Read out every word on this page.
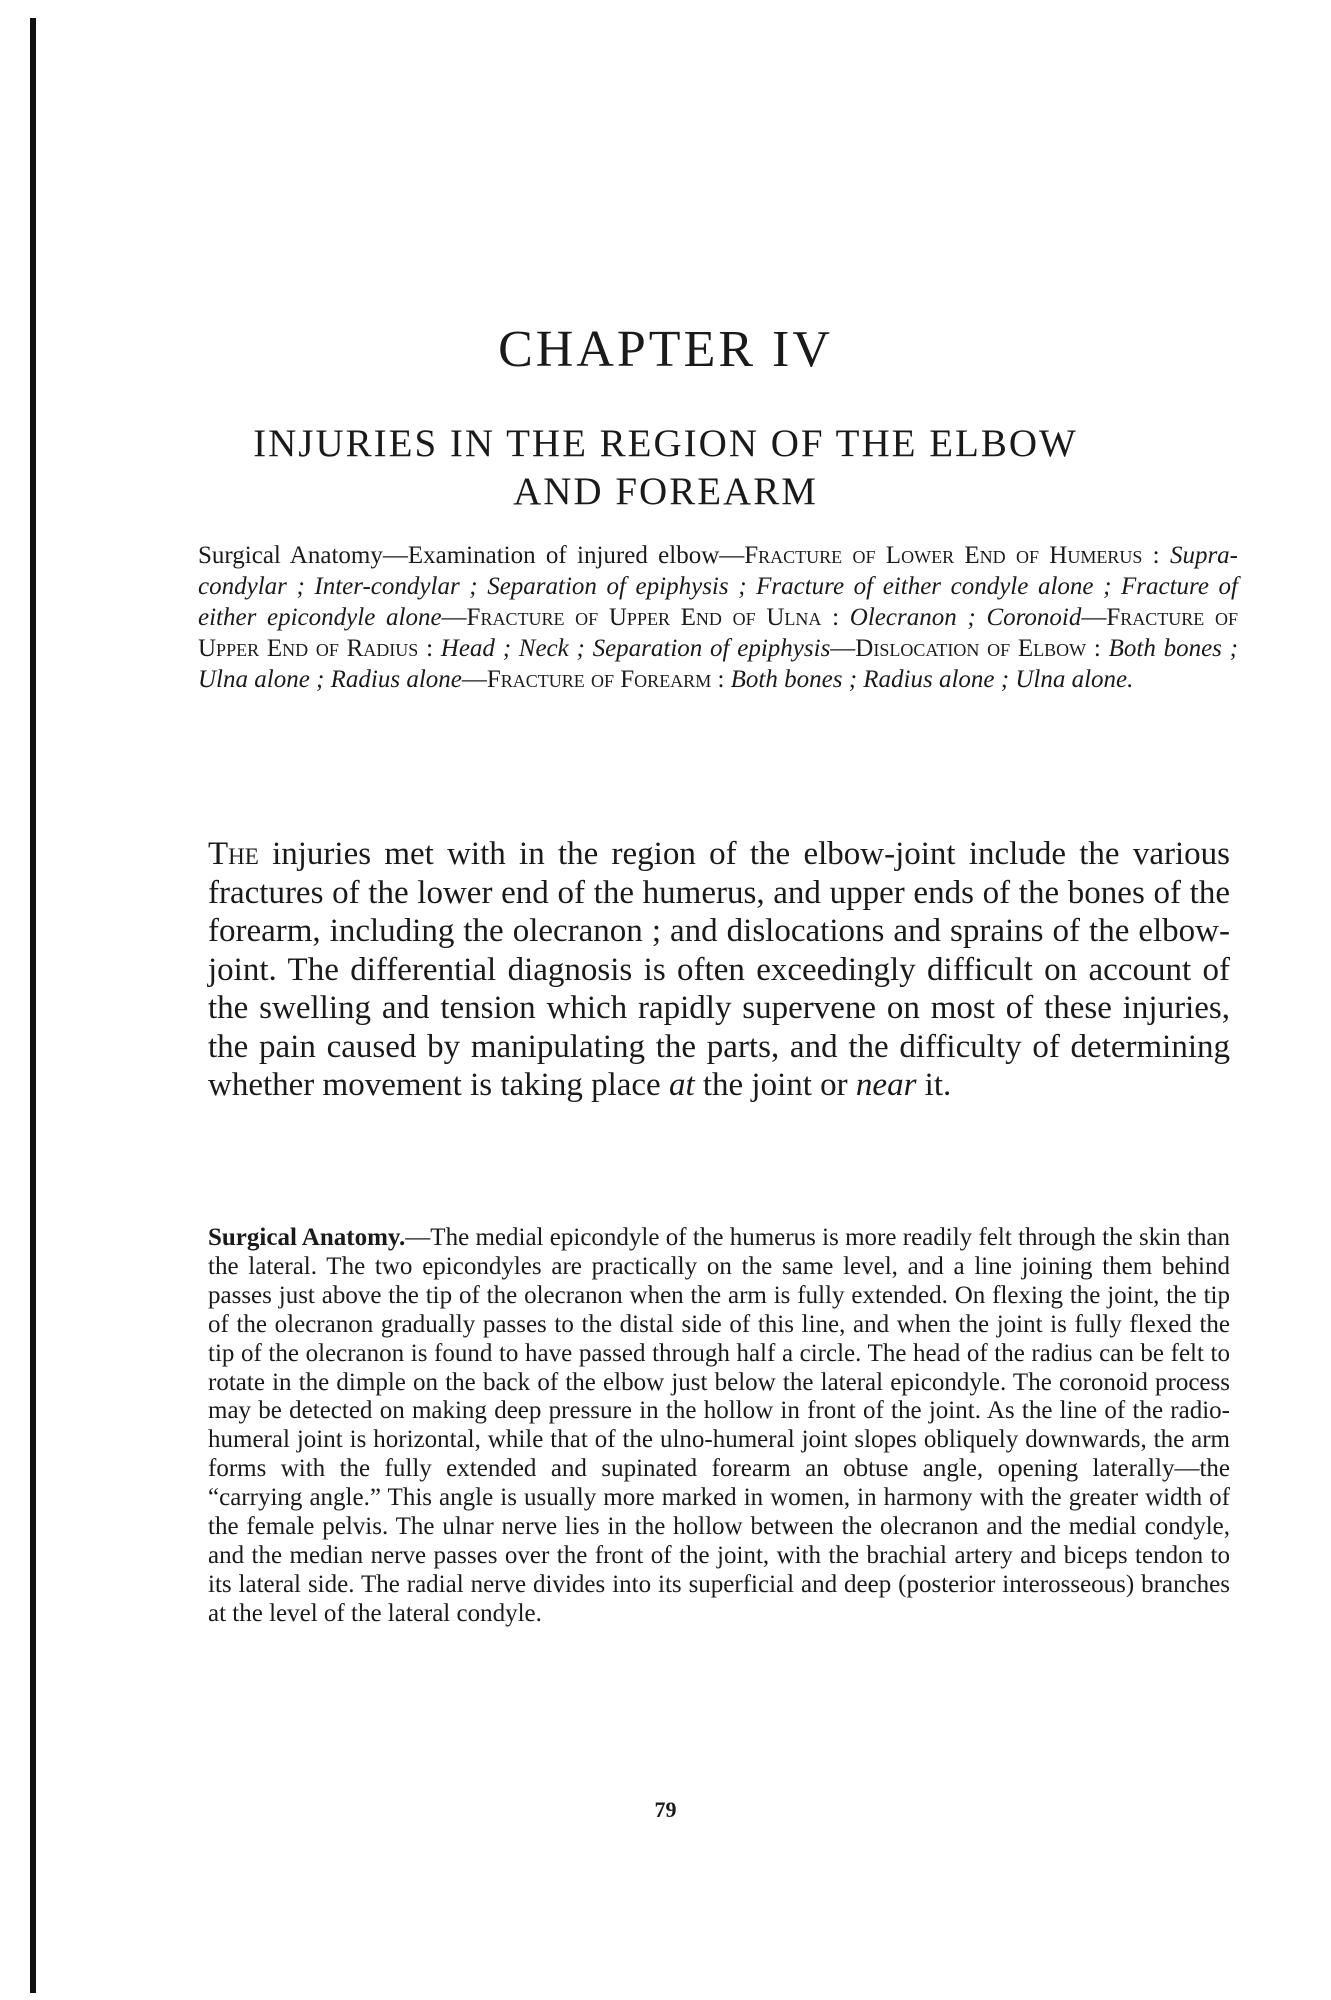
CHAPTER IV
INJURIES IN THE REGION OF THE ELBOW
AND FOREARM
Surgical Anatomy—Examination of injured elbow—Fracture of Lower End of Humerus : Supra-condylar ; Inter-condylar ; Separation of epiphysis ; Fracture of either condyle alone ; Fracture of either epicondyle alone—Fracture of Upper End of Ulna : Olecranon ; Coronoid—Fracture of Upper End of Radius : Head ; Neck ; Separation of epiphysis—Dislocation of Elbow : Both bones ; Ulna alone ; Radius alone—Fracture of Forearm : Both bones ; Radius alone ; Ulna alone.

The injuries met with in the region of the elbow-joint include the various fractures of the lower end of the humerus, and upper ends of the bones of the forearm, including the olecranon ; and dislocations and sprains of the elbow-joint. The differential diagnosis is often exceedingly difficult on account of the swelling and tension which rapidly supervene on most of these injuries, the pain caused by manipulating the parts, and the difficulty of determining whether movement is taking place at the joint or near it.

Surgical Anatomy.—The medial epicondyle of the humerus is more readily felt through the skin than the lateral. The two epicondyles are practically on the same level, and a line joining them behind passes just above the tip of the olecranon when the arm is fully extended. On flexing the joint, the tip of the olecranon gradually passes to the distal side of this line, and when the joint is fully flexed the tip of the olecranon is found to have passed through half a circle. The head of the radius can be felt to rotate in the dimple on the back of the elbow just below the lateral epicondyle. The coronoid process may be detected on making deep pressure in the hollow in front of the joint. As the line of the radio-humeral joint is horizontal, while that of the ulno-humeral joint slopes obliquely downwards, the arm forms with the fully extended and supinated forearm an obtuse angle, opening laterally—the “carrying angle.” This angle is usually more marked in women, in harmony with the greater width of the female pelvis. The ulnar nerve lies in the hollow between the olecranon and the medial condyle, and the median nerve passes over the front of the joint, with the brachial artery and biceps tendon to its lateral side. The radial nerve divides into its superficial and deep (posterior interosseous) branches at the level of the lateral condyle.

79
